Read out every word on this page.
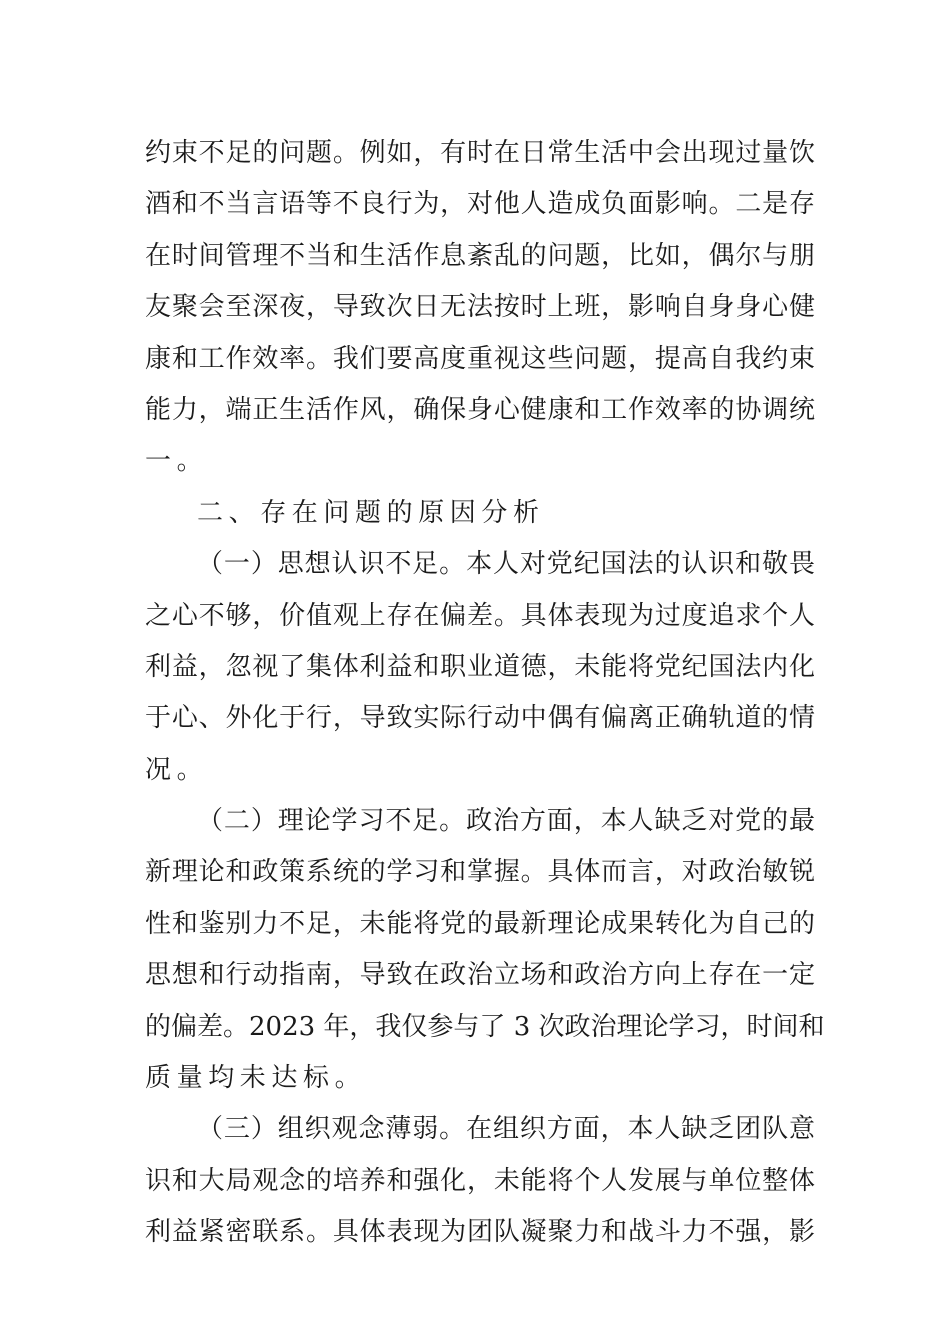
约束不足的问题。例如，有时在日常生活中会出现过量饮
酒和不当言语等不良行为，对他人造成负面影响。二是存
在时间管理不当和生活作息紊乱的问题，比如，偶尔与朋
友聚会至深夜，导致次日无法按时上班，影响自身身心健
康和工作效率。我们要高度重视这些问题，提高自我约束
能力，端正生活作风，确保身心健康和工作效率的协调统
一。
二、存在问题的原因分析
（一）思想认识不足。本人对党纪国法的认识和敬畏
之心不够，价值观上存在偏差。具体表现为过度追求个人
利益，忽视了集体利益和职业道德，未能将党纪国法内化
于心、外化于行，导致实际行动中偶有偏离正确轨道的情
况。
（二）理论学习不足。政治方面，本人缺乏对党的最
新理论和政策系统的学习和掌握。具体而言，对政治敏锐
性和鉴别力不足，未能将党的最新理论成果转化为自己的
思想和行动指南，导致在政治立场和政治方向上存在一定
的偏差。2023 年，我仅参与了 3 次政治理论学习，时间和
质量均未达标。
（三）组织观念薄弱。在组织方面，本人缺乏团队意
识和大局观念的培养和强化，未能将个人发展与单位整体
利益紧密联系。具体表现为团队凝聚力和战斗力不强，影
